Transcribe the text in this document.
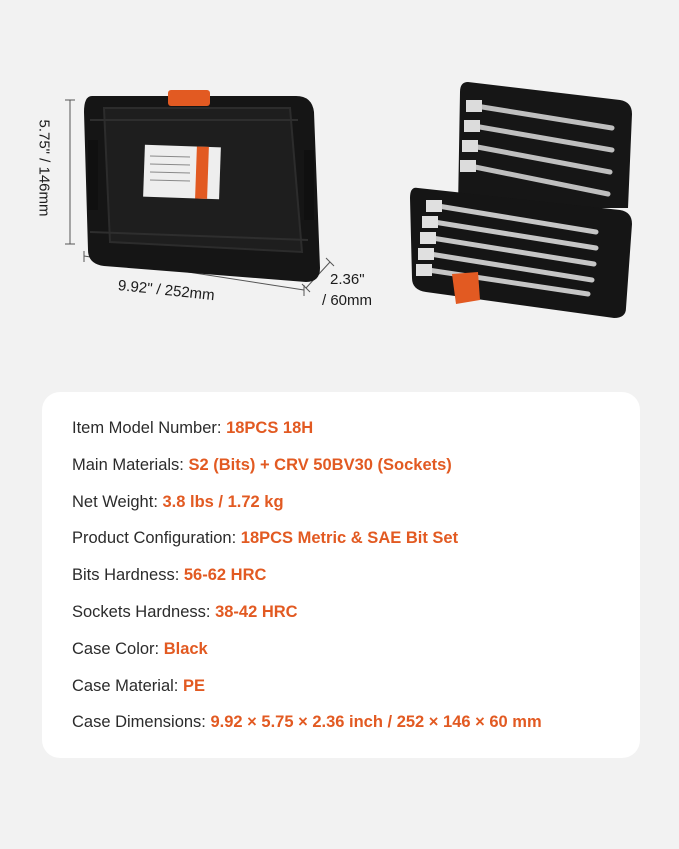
5.75" / 146mm
9.92" / 252mm	2.36"
/ 60mm
Item Model Number: 18PCS 18H
Main Materials: S2 (Bits) + CRV 50BV30 (Sockets)
Net Weight: 3.8 lbs / 1.72 kg
Product Configuration: 18PCS Metric & SAE Bit Set
Bits Hardness: 56-62 HRC
Sockets Hardness: 38-42 HRC
Case Color: Black
Case Material: PE
Case Dimensions: 9.92 × 5.75 × 2.36 inch / 252 × 146 × 60 mm
